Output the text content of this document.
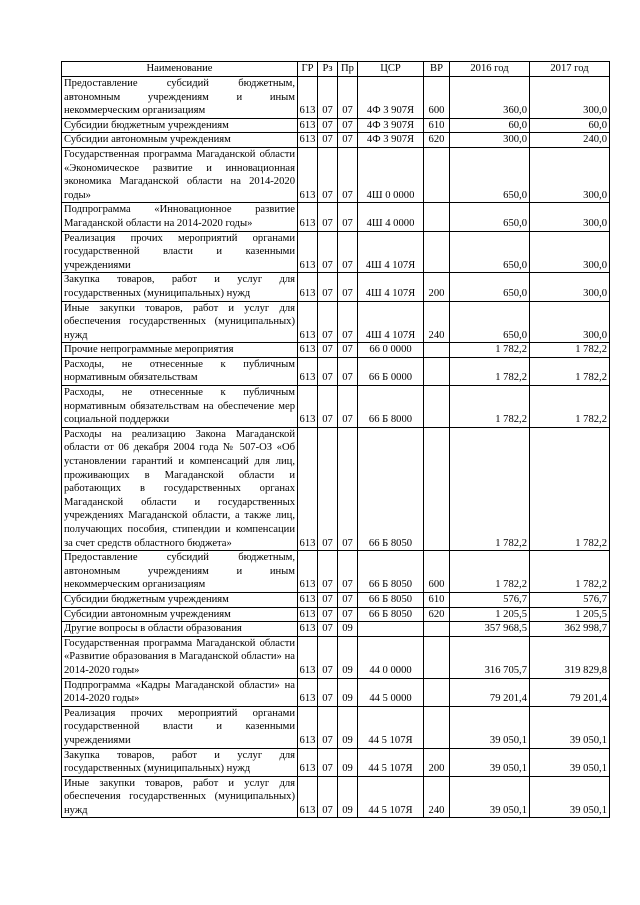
Наименование	ГР	Рз	Пр	ЦСР	ВР	2016 год	2017 год
Предоставление субсидий бюджетным, автономным учреждениям и иным некоммерческим организациям	613	07	07	4Ф 3 907Я	600	360,0	300,0
Субсидии бюджетным учреждениям	613	07	07	4Ф 3 907Я	610	60,0	60,0
Субсидии автономным учреждениям	613	07	07	4Ф 3 907Я	620	300,0	240,0
Государственная программа Магаданской области «Экономическое развитие и инновационная экономика Магаданской области на 2014-2020 годы»	613	07	07	4Ш 0 0000		650,0	300,0
Подпрограмма «Инновационное развитие Магаданской области на 2014-2020 годы»	613	07	07	4Ш 4 0000		650,0	300,0
Реализация прочих мероприятий органами государственной власти и казенными учреждениями	613	07	07	4Ш 4 107Я		650,0	300,0
Закупка товаров, работ и услуг для государственных (муниципальных) нужд	613	07	07	4Ш 4 107Я	200	650,0	300,0
Иные закупки товаров, работ и услуг для обеспечения государственных (муниципальных) нужд	613	07	07	4Ш 4 107Я	240	650,0	300,0
Прочие непрограммные мероприятия	613	07	07	66 0 0000		1 782,2	1 782,2
Расходы, не отнесенные к публичным нормативным обязательствам	613	07	07	66 Б 0000		1 782,2	1 782,2
Расходы, не отнесенные к публичным нормативным обязательствам на обеспечение мер социальной поддержки	613	07	07	66 Б 8000		1 782,2	1 782,2
Расходы на реализацию Закона Магаданской области от 06 декабря 2004 года № 507-ОЗ «Об установлении гарантий и компенсаций для лиц, проживающих в Магаданской области и работающих в государственных органах Магаданской области и государственных учреждениях Магаданской области, а также лиц, получающих пособия, стипендии и компенсации за счет средств областного бюджета»	613	07	07	66 Б 8050		1 782,2	1 782,2
Предоставление субсидий бюджетным, автономным учреждениям и иным некоммерческим организациям	613	07	07	66 Б 8050	600	1 782,2	1 782,2
Субсидии бюджетным учреждениям	613	07	07	66 Б 8050	610	576,7	576,7
Субсидии автономным учреждениям	613	07	07	66 Б 8050	620	1 205,5	1 205,5
Другие вопросы в области образования	613	07	09			357 968,5	362 998,7
Государственная программа Магаданской области «Развитие образования в Магаданской области» на 2014-2020 годы»	613	07	09	44 0 0000		316 705,7	319 829,8
Подпрограмма «Кадры Магаданской области» на 2014-2020 годы»	613	07	09	44 5 0000		79 201,4	79 201,4
Реализация прочих мероприятий органами государственной власти и казенными учреждениями	613	07	09	44 5 107Я		39 050,1	39 050,1
Закупка товаров, работ и услуг для государственных (муниципальных) нужд	613	07	09	44 5 107Я	200	39 050,1	39 050,1
Иные закупки товаров, работ и услуг для обеспечения государственных (муниципальных) нужд	613	07	09	44 5 107Я	240	39 050,1	39 050,1
